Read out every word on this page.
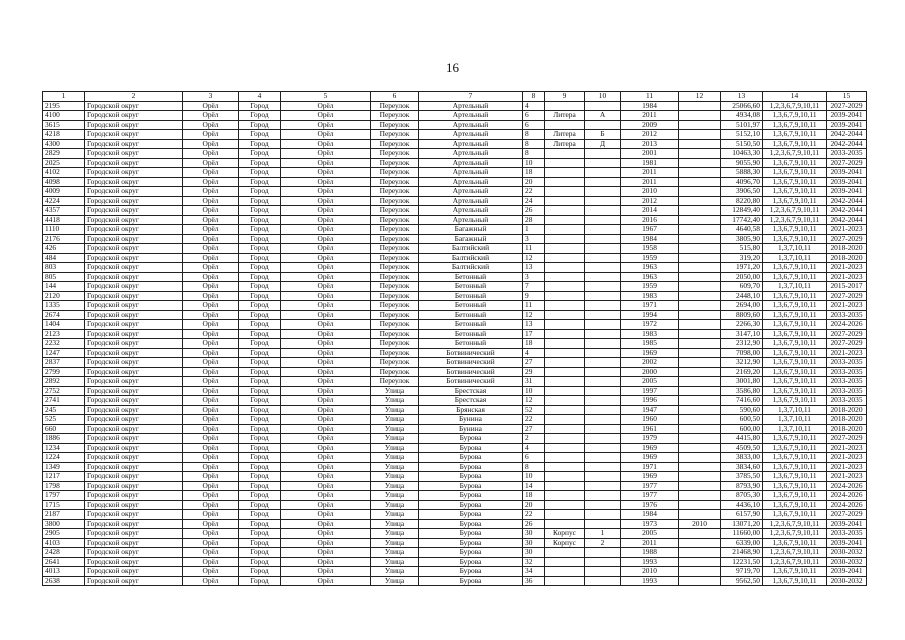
16
1	2	3	4	5	6	7	8	9	10	11	12	13	14	15
2195	Городской округ	Орёл	Город	Орёл	Переулок	Артельный	4			1984		25066,60	1,2,3,6,7,9,10,11	2027-2029
4100	Городской округ	Орёл	Город	Орёл	Переулок	Артельный	6	Литера	А	2011		4934,08	1,3,6,7,9,10,11	2039-2041
3615	Городской округ	Орёл	Город	Орёл	Переулок	Артельный	6			2009		5101,97	1,3,6,7,9,10,11	2039-2041
4218	Городской округ	Орёл	Город	Орёл	Переулок	Артельный	8	Литера	Б	2012		5152,10	1,3,6,7,9,10,11	2042-2044
4300	Городской округ	Орёл	Город	Орёл	Переулок	Артельный	8	Литера	Д	2013		5150,50	1,3,6,7,9,10,11	2042-2044
2829	Городской округ	Орёл	Город	Орёл	Переулок	Артельный	8			2001		10463,30	1,2,3,6,7,9,10,11	2033-2035
2025	Городской округ	Орёл	Город	Орёл	Переулок	Артельный	10			1981		9055,90	1,3,6,7,9,10,11	2027-2029
4102	Городской округ	Орёл	Город	Орёл	Переулок	Артельный	18			2011		5888,30	1,3,6,7,9,10,11	2039-2041
4098	Городской округ	Орёл	Город	Орёл	Переулок	Артельный	20			2011		4096,70	1,3,6,7,9,10,11	2039-2041
4009	Городской округ	Орёл	Город	Орёл	Переулок	Артельный	22			2010		3906,50	1,3,6,7,9,10,11	2039-2041
4224	Городской округ	Орёл	Город	Орёл	Переулок	Артельный	24			2012		8220,80	1,3,6,7,9,10,11	2042-2044
4357	Городской округ	Орёл	Город	Орёл	Переулок	Артельный	26			2014		12849,40	1,2,3,6,7,9,10,11	2042-2044
4418	Городской округ	Орёл	Город	Орёл	Переулок	Артельный	28			2016		17742,40	1,2,3,6,7,9,10,11	2042-2044
1110	Городской округ	Орёл	Город	Орёл	Переулок	Багажный	1			1967		4640,58	1,3,6,7,9,10,11	2021-2023
2176	Городской округ	Орёл	Город	Орёл	Переулок	Багажный	3			1984		3805,90	1,3,6,7,9,10,11	2027-2029
426	Городской округ	Орёл	Город	Орёл	Переулок	Балтийский	11			1958		515,80	1,3,7,10,11	2018-2020
484	Городской округ	Орёл	Город	Орёл	Переулок	Балтийский	12			1959		319,20	1,3,7,10,11	2018-2020
803	Городской округ	Орёл	Город	Орёл	Переулок	Балтийский	13			1963		1971,20	1,3,6,7,9,10,11	2021-2023
805	Городской округ	Орёл	Город	Орёл	Переулок	Бетонный	3			1963		2050,00	1,3,6,7,9,10,11	2021-2023
144	Городской округ	Орёл	Город	Орёл	Переулок	Бетонный	7			1959		609,70	1,3,7,10,11	2015-2017
2120	Городской округ	Орёл	Город	Орёл	Переулок	Бетонный	9			1983		2448,10	1,3,6,7,9,10,11	2027-2029
1335	Городской округ	Орёл	Город	Орёл	Переулок	Бетонный	11			1971		2694,00	1,3,6,7,9,10,11	2021-2023
2674	Городской округ	Орёл	Город	Орёл	Переулок	Бетонный	12			1994		8809,60	1,3,6,7,9,10,11	2033-2035
1404	Городской округ	Орёл	Город	Орёл	Переулок	Бетонный	13			1972		2266,30	1,3,6,7,9,10,11	2024-2026
2123	Городской округ	Орёл	Город	Орёл	Переулок	Бетонный	17			1983		3147,10	1,3,6,7,9,10,11	2027-2029
2232	Городской округ	Орёл	Город	Орёл	Переулок	Бетонный	18			1985		2312,90	1,3,6,7,9,10,11	2027-2029
1247	Городской округ	Орёл	Город	Орёл	Переулок	Ботвинический	4			1969		7098,00	1,3,6,7,9,10,11	2021-2023
2837	Городской округ	Орёл	Город	Орёл	Переулок	Ботвинический	27			2002		3212,90	1,3,6,7,9,10,11	2033-2035
2799	Городской округ	Орёл	Город	Орёл	Переулок	Ботвинический	29			2000		2169,20	1,3,6,7,9,10,11	2033-2035
2892	Городской округ	Орёл	Город	Орёл	Переулок	Ботвинический	31			2005		3001,80	1,3,6,7,9,10,11	2033-2035
2752	Городской округ	Орёл	Город	Орёл	Улица	Брестская	10			1997		3586,80	1,3,6,7,9,10,11	2033-2035
2741	Городской округ	Орёл	Город	Орёл	Улица	Брестская	12			1996		7416,60	1,3,6,7,9,10,11	2033-2035
245	Городской округ	Орёл	Город	Орёл	Улица	Брянская	52			1947		590,60	1,3,7,10,11	2018-2020
525	Городской округ	Орёл	Город	Орёл	Улица	Бунина	22			1960		600,50	1,3,7,10,11	2018-2020
660	Городской округ	Орёл	Город	Орёл	Улица	Бунина	27			1961		600,00	1,3,7,10,11	2018-2020
1886	Городской округ	Орёл	Город	Орёл	Улица	Бурова	2			1979		4415,80	1,3,6,7,9,10,11	2027-2029
1234	Городской округ	Орёл	Город	Орёл	Улица	Бурова	4			1969		4509,50	1,3,6,7,9,10,11	2021-2023
1224	Городской округ	Орёл	Город	Орёл	Улица	Бурова	6			1969		3833,00	1,3,6,7,9,10,11	2021-2023
1349	Городской округ	Орёл	Город	Орёл	Улица	Бурова	8			1971		3834,60	1,3,6,7,9,10,11	2021-2023
1217	Городской округ	Орёл	Город	Орёл	Улица	Бурова	10			1969		3785,50	1,3,6,7,9,10,11	2021-2023
1798	Городской округ	Орёл	Город	Орёл	Улица	Бурова	14			1977		8793,90	1,3,6,7,9,10,11	2024-2026
1797	Городской округ	Орёл	Город	Орёл	Улица	Бурова	18			1977		8705,30	1,3,6,7,9,10,11	2024-2026
1715	Городской округ	Орёл	Город	Орёл	Улица	Бурова	20			1976		4436,10	1,3,6,7,9,10,11	2024-2026
2187	Городской округ	Орёл	Город	Орёл	Улица	Бурова	22			1984		6157,90	1,3,6,7,9,10,11	2027-2029
3800	Городской округ	Орёл	Город	Орёл	Улица	Бурова	26			1973	2010	13071,20	1,2,3,6,7,9,10,11	2039-2041
2905	Городской округ	Орёл	Город	Орёл	Улица	Бурова	30	Корпус	1	2005		11660,00	1,2,3,6,7,9,10,11	2033-2035
4103	Городской округ	Орёл	Город	Орёл	Улица	Бурова	30	Корпус	2	2011		6339,00	1,3,6,7,9,10,11	2039-2041
2428	Городской округ	Орёл	Город	Орёл	Улица	Бурова	30			1988		21468,90	1,2,3,6,7,9,10,11	2030-2032
2641	Городской округ	Орёл	Город	Орёл	Улица	Бурова	32			1993		12231,50	1,2,3,6,7,9,10,11	2030-2032
4013	Городской округ	Орёл	Город	Орёл	Улица	Бурова	34			2010		9719,70	1,3,6,7,9,10,11	2039-2041
2638	Городской округ	Орёл	Город	Орёл	Улица	Бурова	36			1993		9562,50	1,3,6,7,9,10,11	2030-2032
